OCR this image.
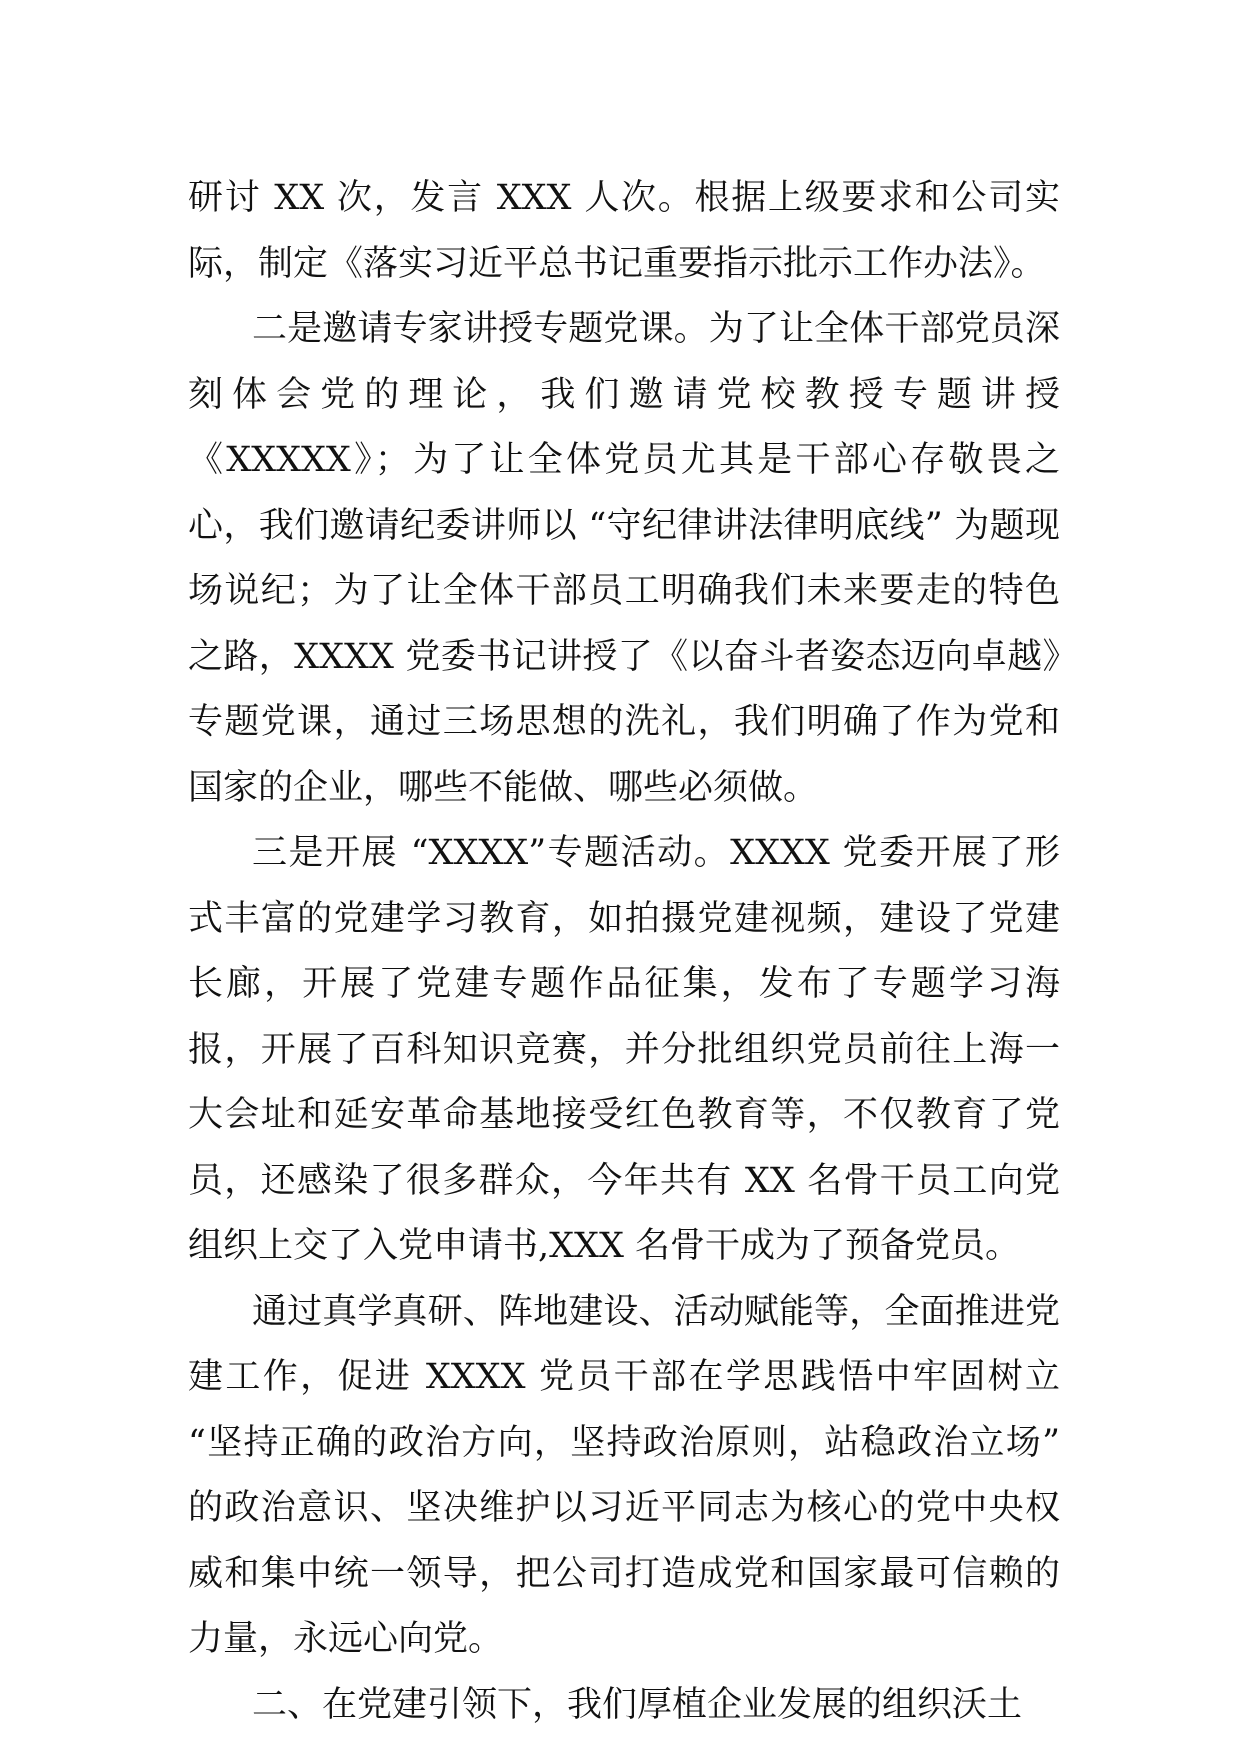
研讨 XX 次，发言 XXX 人次。根据上级要求和公司实际，制定《落实习近平总书记重要指示批示工作办法》。

二是邀请专家讲授专题党课。为了让全体干部党员深刻体会党的理论，我们邀请党校教授专题讲授《XXXXX》；为了让全体党员尤其是干部心存敬畏之心，我们邀请纪委讲师以 “守纪律讲法律明底线” 为题现场说纪；为了让全体干部员工明确我们未来要走的特色之路，XXXX 党委书记讲授了《以奋斗者姿态迈向卓越》专题党课，通过三场思想的洗礼，我们明确了作为党和国家的企业，哪些不能做、哪些必须做。

三是开展 “XXXX”专题活动。XXXX 党委开展了形式丰富的党建学习教育，如拍摄党建视频，建设了党建长廊，开展了党建专题作品征集，发布了专题学习海报，开展了百科知识竞赛，并分批组织党员前往上海一大会址和延安革命基地接受红色教育等，不仅教育了党员，还感染了很多群众，今年共有 XX 名骨干员工向党组织上交了入党申请书,XXX 名骨干成为了预备党员。

通过真学真研、阵地建设、活动赋能等，全面推进党建工作，促进 XXXX 党员干部在学思践悟中牢固树立 “坚持正确的政治方向，坚持政治原则，站稳政治立场” 的政治意识、坚决维护以习近平同志为核心的党中央权威和集中统一领导，把公司打造成党和国家最可信赖的力量，永远心向党。

二、在党建引领下，我们厚植企业发展的组织沃土
